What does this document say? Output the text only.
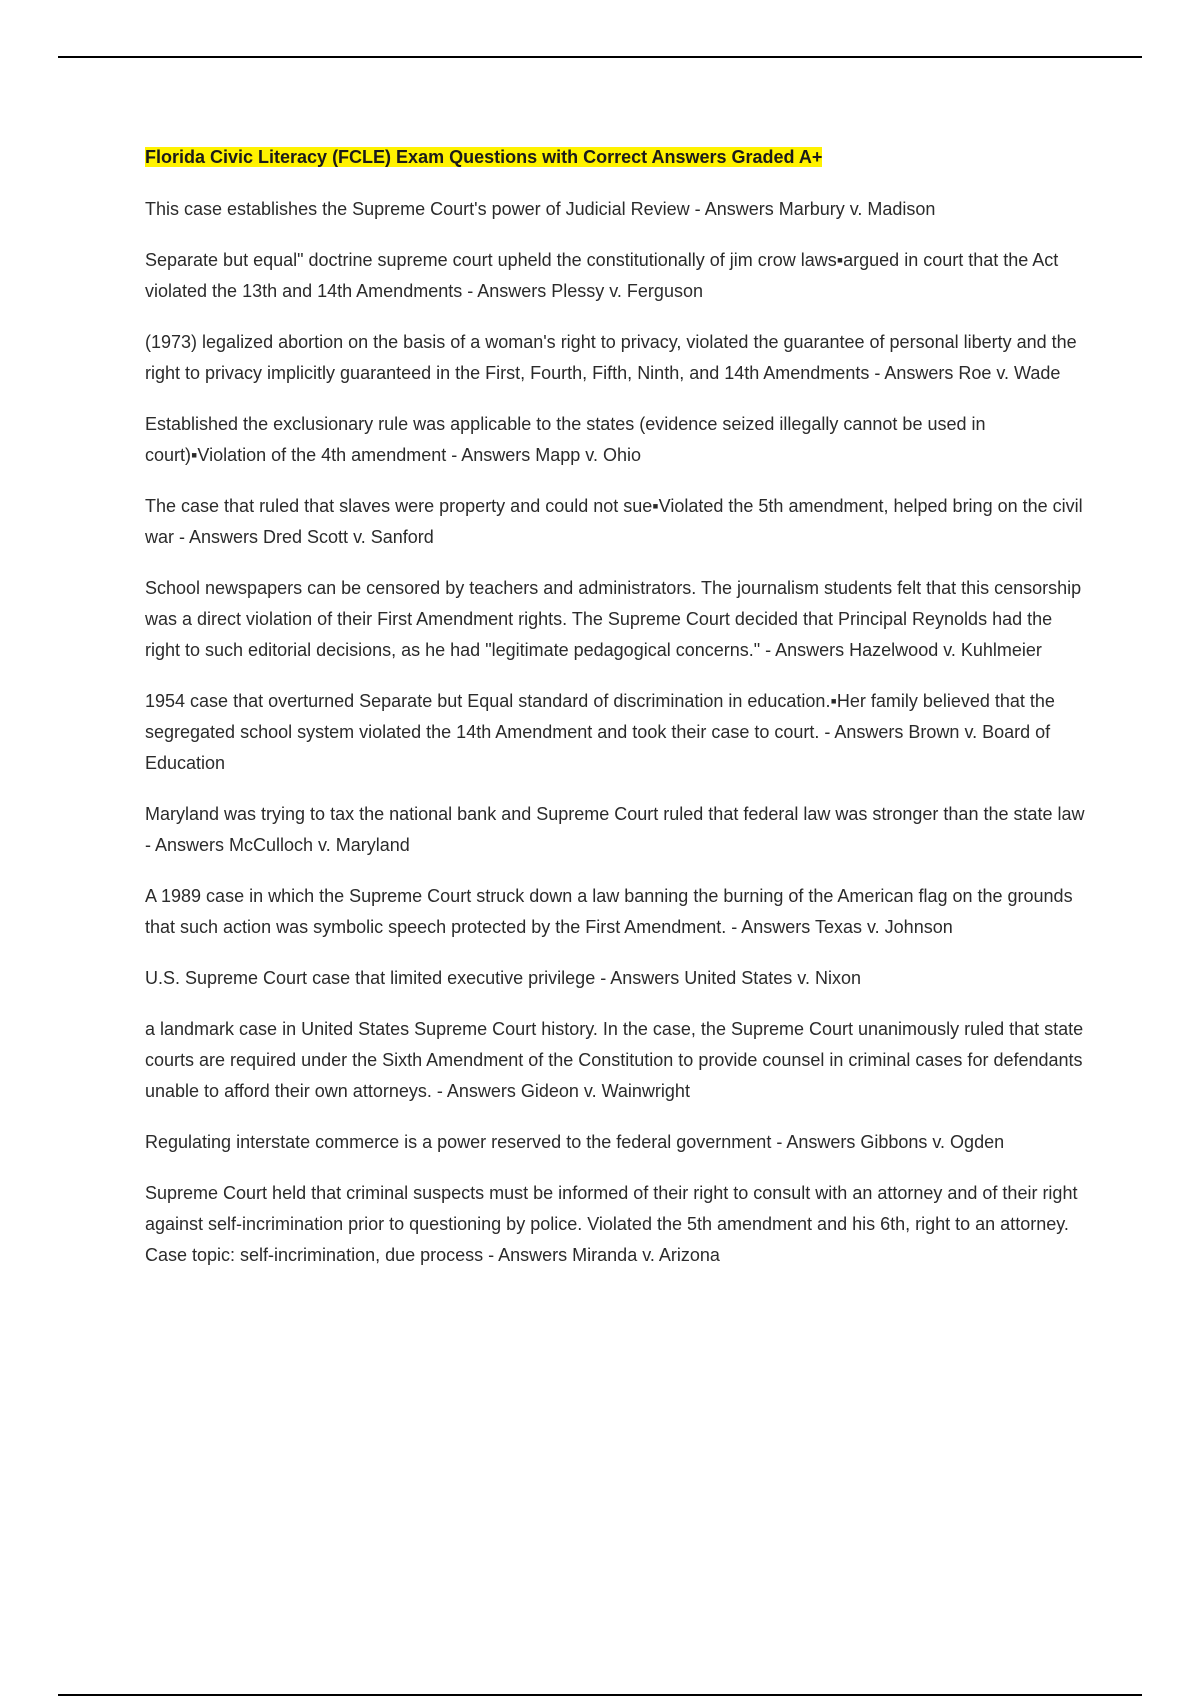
Florida Civic Literacy (FCLE) Exam Questions with Correct Answers Graded A+

This case establishes the Supreme Court's power of Judicial Review - Answers Marbury v. Madison

Separate but equal" doctrine supreme court upheld the constitutionally of jim crow laws▪argued in court that the Act violated the 13th and 14th Amendments - Answers Plessy v. Ferguson

(1973) legalized abortion on the basis of a woman's right to privacy, violated the guarantee of personal liberty and the right to privacy implicitly guaranteed in the First, Fourth, Fifth, Ninth, and 14th Amendments - Answers Roe v. Wade

Established the exclusionary rule was applicable to the states (evidence seized illegally cannot be used in court)▪Violation of the 4th amendment - Answers Mapp v. Ohio

The case that ruled that slaves were property and could not sue▪Violated the 5th amendment, helped bring on the civil war - Answers Dred Scott v. Sanford

School newspapers can be censored by teachers and administrators. The journalism students felt that this censorship was a direct violation of their First Amendment rights. The Supreme Court decided that Principal Reynolds had the right to such editorial decisions, as he had "legitimate pedagogical concerns." - Answers Hazelwood v. Kuhlmeier

1954 case that overturned Separate but Equal standard of discrimination in education.▪Her family believed that the segregated school system violated the 14th Amendment and took their case to court. - Answers Brown v. Board of Education

Maryland was trying to tax the national bank and Supreme Court ruled that federal law was stronger than the state law - Answers McCulloch v. Maryland

A 1989 case in which the Supreme Court struck down a law banning the burning of the American flag on the grounds that such action was symbolic speech protected by the First Amendment. - Answers Texas v. Johnson

U.S. Supreme Court case that limited executive privilege - Answers United States v. Nixon

a landmark case in United States Supreme Court history. In the case, the Supreme Court unanimously ruled that state courts are required under the Sixth Amendment of the Constitution to provide counsel in criminal cases for defendants unable to afford their own attorneys. - Answers Gideon v. Wainwright

Regulating interstate commerce is a power reserved to the federal government - Answers Gibbons v. Ogden

Supreme Court held that criminal suspects must be informed of their right to consult with an attorney and of their right against self-incrimination prior to questioning by police. Violated the 5th amendment and his 6th, right to an attorney. Case topic: self-incrimination, due process - Answers Miranda v. Arizona
